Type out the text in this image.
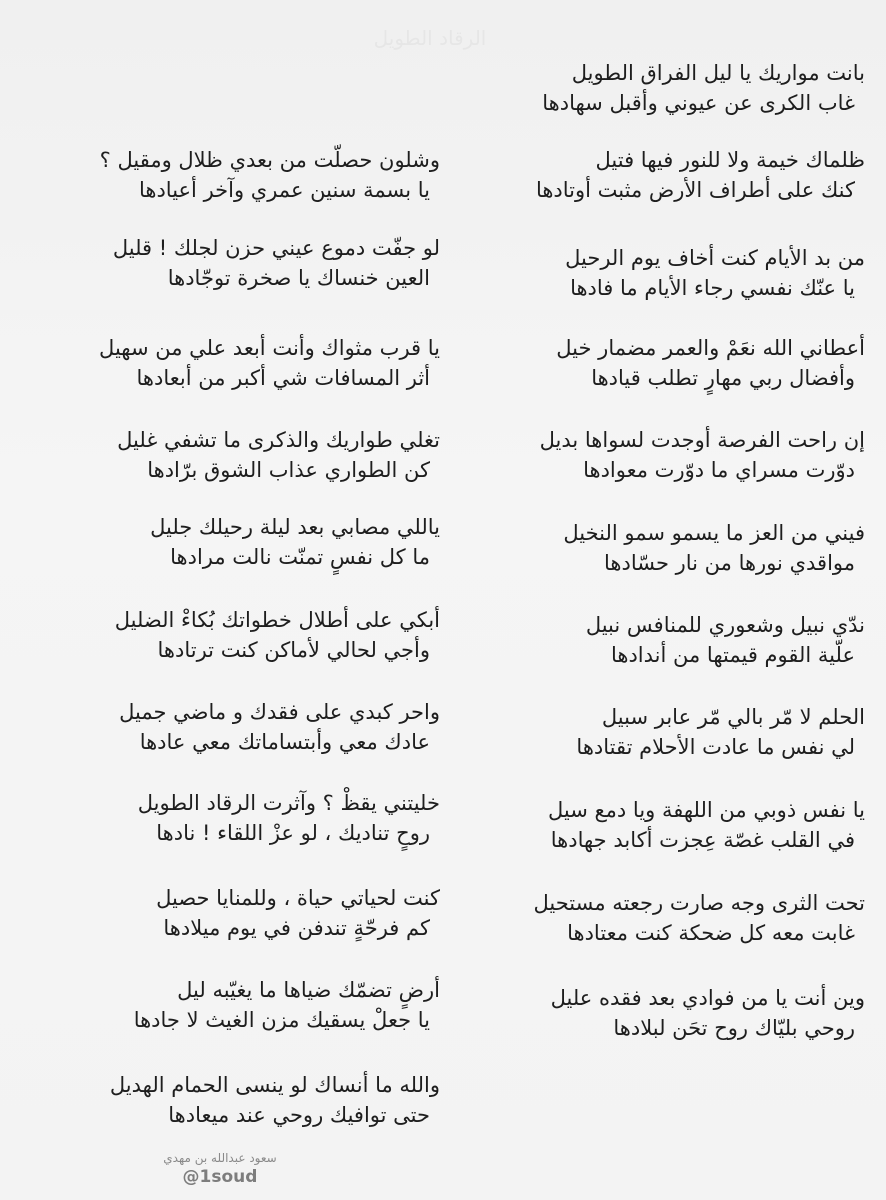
الرقاد الطويل
بانت مواريك يا ليل الفراق الطويل
غاب الكرى عن عيوني وأقبل سهادها
ظلماك خيمة ولا للنور فيها فتيل
كنك على أطراف الأرض مثبت أوتادها
من بد الأيام كنت أخاف يوم الرحيل
يا عنّك نفسي رجاء الأيام ما فادها
أعطاني الله نعَمْ والعمر مضمار خيل
وأفضال ربي مهارٍ تطلب قيادها
إن راحت الفرصة أوجدت لسواها بديل
دوّرت مسراي ما دوّرت معوادها
فيني من العز ما يسمو سمو النخيل
مواقدي نورها من نار حسّادها
ندّي نبيل وشعوري للمنافس نبيل
علّية القوم قيمتها من أندادها
الحلم لا مّر بالي مّر عابر سبيل
لي نفس ما عادت الأحلام تقتادها
يا نفس ذوبي من اللهفة ويا دمع سيل
في القلب غصّة عِجزت أكابد جهادها
تحت الثرى وجه صارت رجعته مستحيل
غابت معه كل ضحكة كنت معتادها
وين أنت يا من فوادي بعد فقده عليل
روحي بليّاك روح تحَن لبلادها
وشلون حصلّت من بعدي ظلال ومقيل ؟
يا بسمة سنين عمري وآخر أعيادها
لو جفّت دموع عيني حزن لجلك ! قليل
العين خنساك يا صخرة توجّادها
يا قرب مثواك وأنت أبعد علي من سهيل
أثر المسافات شي أكبر من أبعادها
تغلي طواريك والذكرى ما تشفي غليل
كن الطواري عذاب الشوق برّادها
ياللي مصابي بعد ليلة رحيلك جليل
ما كل نفسٍ تمنّت نالت مرادها
أبكي على أطلال خطواتك بُكاءْ الضليل
وأجي لحالي لأماكن كنت ترتادها
واحر كبدي على فقدك و ماضي جميل
عادك معي وأبتساماتك معي عادها
خليتني يقظْ ؟ وآثرت الرقاد الطويل
روحٍ تناديك ، لو عزْ اللقاء ! نادها
كنت لحياتي حياة ، وللمنايا حصيل
كم فرحّةٍ تندفن في يوم ميلادها
أرضٍ تضمّك ضياها ما يغيّبه ليل
يا جعلْ يسقيك مزن الغيث لا جادها
والله ما أنساك لو ينسى الحمام الهديل
حتى توافيك روحي عند ميعادها
سعود عبدالله بن مهدي
@1soud
